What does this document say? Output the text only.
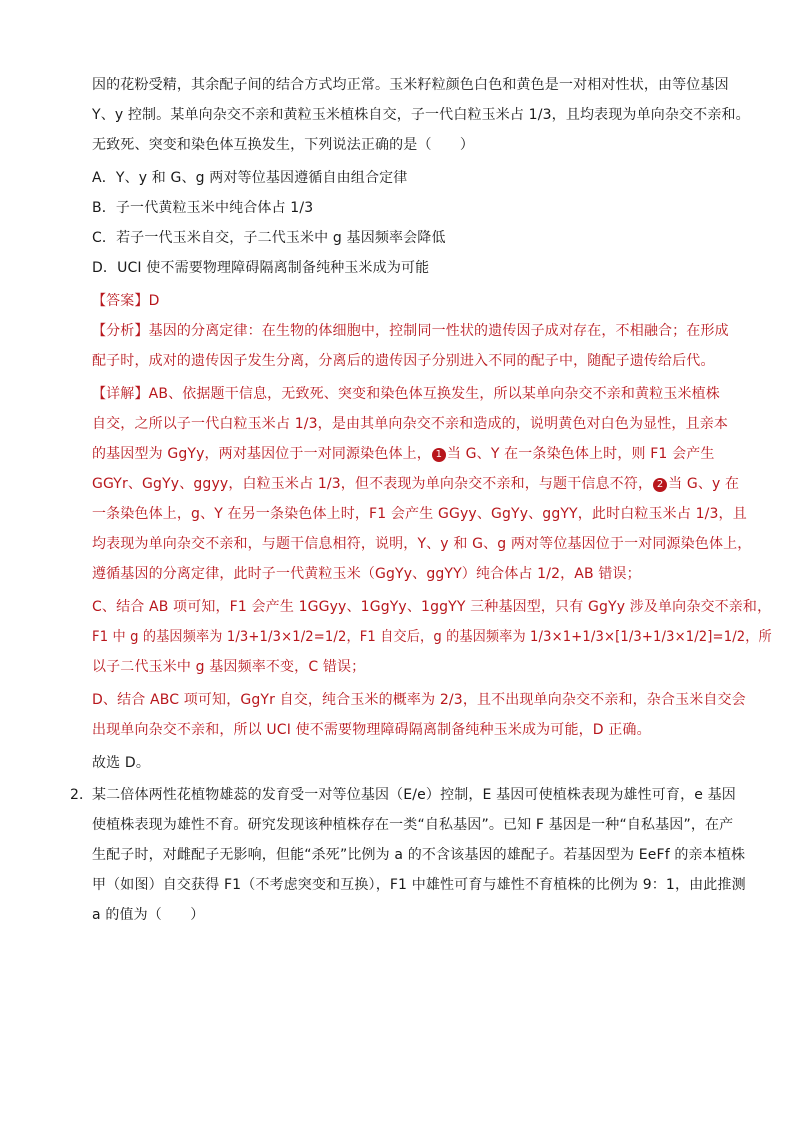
因的花粉受精，其余配子间的结合方式均正常。玉米籽粒颜色白色和黄色是一对相对性状，由等位基因
Y、y 控制。某单向杂交不亲和黄粒玉米植株自交，子一代白粒玉米占 1/3，且均表现为单向杂交不亲和。
无致死、突变和染色体互换发生，下列说法正确的是（　　）
A．Y、y 和 G、g 两对等位基因遵循自由组合定律
B．子一代黄粒玉米中纯合体占 1/3
C．若子一代玉米自交，子二代玉米中 g 基因频率会降低
D．UCI 使不需要物理障碍隔离制备纯种玉米成为可能
【答案】D
【分析】基因的分离定律：在生物的体细胞中，控制同一性状的遗传因子成对存在，不相融合；在形成
配子时，成对的遗传因子发生分离，分离后的遗传因子分别进入不同的配子中，随配子遗传给后代。
【详解】AB、依据题干信息，无致死、突变和染色体互换发生，所以某单向杂交不亲和黄粒玉米植株
自交，之所以子一代白粒玉米占 1/3，是由其单向杂交不亲和造成的，说明黄色对白色为显性，且亲本
的基因型为 GgYy，两对基因位于一对同源染色体上， 1 当 G、Y 在一条染色体上时，则 F1 会产生
GGYr、GgYy、ggyy，白粒玉米占 1/3，但不表现为单向杂交不亲和，与题干信息不符， 2 当 G、y 在
一条染色体上，g、Y 在另一条染色体上时，F1 会产生 GGyy、GgYy、ggYY，此时白粒玉米占 1/3，且
均表现为单向杂交不亲和，与题干信息相符，说明，Y、y 和 G、g 两对等位基因位于一对同源染色体上，
遵循基因的分离定律，此时子一代黄粒玉米（GgYy、ggYY）纯合体占 1/2，AB 错误；
C、结合 AB 项可知，F1 会产生 1GGyy、1GgYy、1ggYY 三种基因型，只有 GgYy 涉及单向杂交不亲和，
F1 中 g 的基因频率为 1/3+1/3×1/2=1/2，F1 自交后，g 的基因频率为 1/3×1+1/3×[1/3+1/3×1/2]=1/2，所
以子二代玉米中 g 基因频率不变，C 错误；
D、结合 ABC 项可知，GgYr 自交，纯合玉米的概率为 2/3，且不出现单向杂交不亲和，杂合玉米自交会
出现单向杂交不亲和，所以 UCI 使不需要物理障碍隔离制备纯种玉米成为可能，D 正确。
故选 D。
2．
某二倍体两性花植物雄蕊的发育受一对等位基因（E/e）控制，E 基因可使植株表现为雄性可育，e 基因
使植株表现为雄性不育。研究发现该种植株存在一类“自私基因”。已知 F 基因是一种“自私基因”，在产
生配子时，对雌配子无影响，但能“杀死”比例为 a 的不含该基因的雄配子。若基因型为 EeFf 的亲本植株
甲（如图）自交获得 F1（不考虑突变和互换），F1 中雄性可育与雄性不育植株的比例为 9：1，由此推测
a 的值为（　　）
